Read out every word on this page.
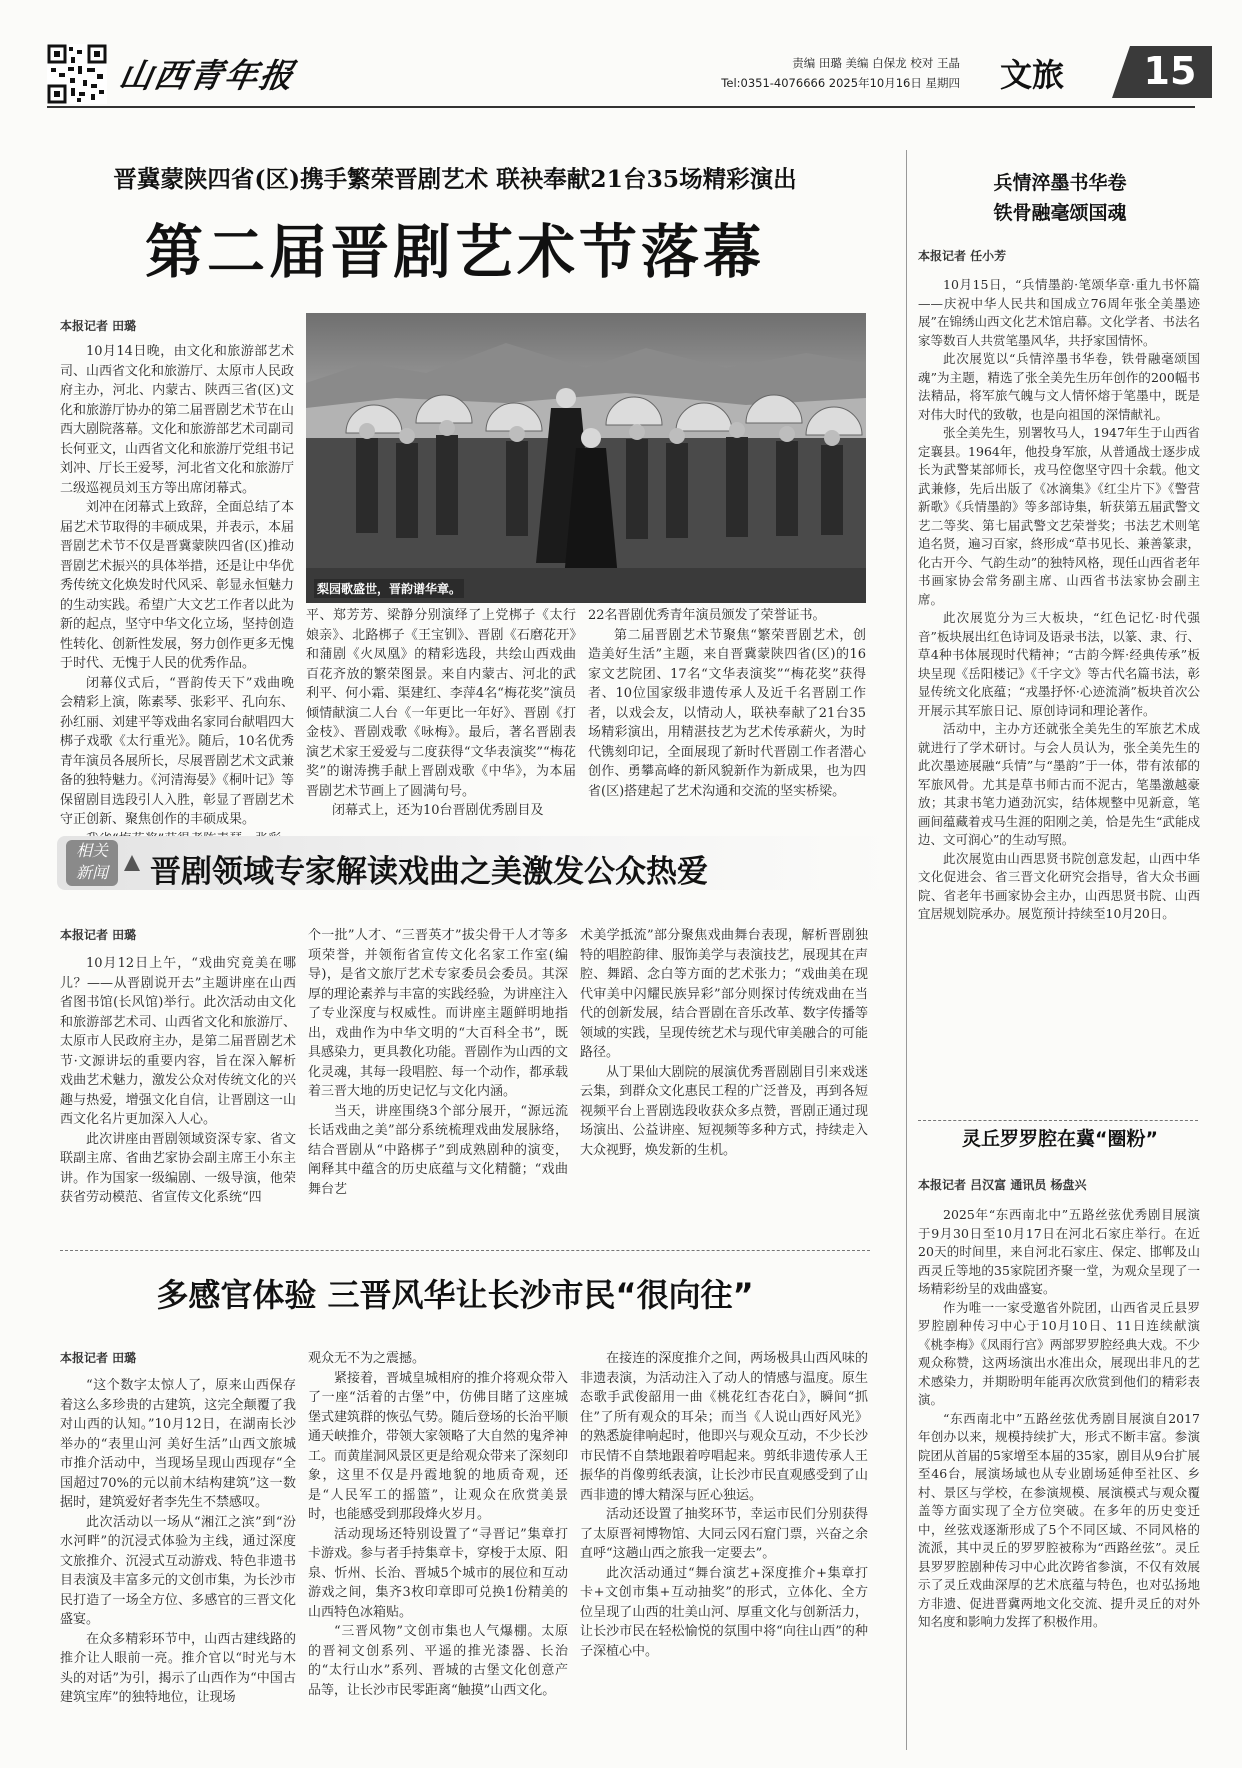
山西青年报	责编 田璐 美编 白保龙 校对 王晶
Tel:0351-4076666 2025年10月16日 星期四 文旅 15
晋冀蒙陕四省(区)携手繁荣晋剧艺术 联袂奉献21台35场精彩演出
第二届晋剧艺术节落幕
本报记者 田璐

10月14日晚，由文化和旅游部艺术司、山西省文化和旅游厅、太原市人民政府主办，河北、内蒙古、陕西三省(区)文化和旅游厅协办的第二届晋剧艺术节在山西大剧院落幕。文化和旅游部艺术司副司长何亚文，山西省文化和旅游厅党组书记刘冲、厅长王爱琴，河北省文化和旅游厅二级巡视员刘玉方等出席闭幕式。

刘冲在闭幕式上致辞，全面总结了本届艺术节取得的丰硕成果，并表示，本届晋剧艺术节不仅是晋冀蒙陕四省(区)推动晋剧艺术振兴的具体举措，还是让中华优秀传统文化焕发时代风采、彰显永恒魅力的生动实践。希望广大文艺工作者以此为新的起点，坚守中华文化立场，坚持创造性转化、创新性发展，努力创作更多无愧于时代、无愧于人民的优秀作品。

闭幕仪式后，“晋韵传天下”戏曲晚会精彩上演，陈素琴、张彩平、孔向东、孙红丽、刘建平等戏曲名家同台献唱四大梆子戏歌《太行重光》。随后，10名优秀青年演员各展所长，尽展晋剧艺术文武兼备的独特魅力。《河清海晏》《桐叶记》等保留剧目选段引人入胜，彰显了晋剧艺术守正创新、聚焦创作的丰硕成果。

梨园歌盛世，晋韵谱华章。

平、郑芳芳、梁静分别演绎了上党梆子《太行娘亲》、北路梆子《王宝钏》、晋剧《石磨花开》和蒲剧《火凤凰》的精彩选段，共绘山西戏曲百花齐放的繁荣图景。来自内蒙古、河北的武利平、何小霜、渠建红、李萍4名“梅花奖”演员倾情献演二人台《一年更比一年好》、晋剧《打金枝》、晋剧戏歌《咏梅》。最后，著名晋剧表演艺术家王爱爱与二度获得“文华表演奖”“梅花奖”的谢涛携手献上晋剧戏歌《中华》，为本届晋剧艺术节画上了圆满句号。

闭幕式上，还为10台晋剧优秀剧目及

22名晋剧优秀青年演员颁发了荣誉证书。

第二届晋剧艺术节聚焦“繁荣晋剧艺术，创造美好生活”主题，来自晋冀蒙陕四省(区)的16家文艺院团、17名“文华表演奖”“梅花奖”获得者、10位国家级非遗传承人及近千名晋剧工作者，以戏会友，以情动人，联袂奉献了21台35场精彩演出，用精湛技艺为艺术传承薪火，为时代镌刻印记，全面展现了新时代晋剧工作者潜心创作、勇攀高峰的新风貌新作为新成果，也为四省(区)搭建起了艺术沟通和交流的坚实桥梁。

相关
新闻	晋剧领域专家解读戏曲之美激发公众热爱
本报记者 田璐

10月12日上午，“戏曲究竟美在哪儿？——从晋剧说开去”主题讲座在山西省图书馆(长风馆)举行。此次活动由文化和旅游部艺术司、山西省文化和旅游厅、太原市人民政府主办，是第二届晋剧艺术节·文源讲坛的重要内容，旨在深入解析戏曲艺术魅力，激发公众对传统文化的兴趣与热爱，增强文化自信，让晋剧这一山西文化名片更加深入人心。

此次讲座由晋剧领域资深专家、省文联副主席、省曲艺家协会副主席王小东主讲。作为国家一级编剧、一级导演，他荣获省劳动模范、省宣传文化系统“四

个一批”人才、“三晋英才”拔尖骨干人才等多项荣誉，并领衔省宣传文化名家工作室(编导)，是省文旅厅艺术专家委员会委员。其深厚的理论素养与丰富的实践经验，为讲座注入了专业深度与权威性。而讲座主题鲜明地指出，戏曲作为中华文明的“大百科全书”，既具感染力，更具教化功能。晋剧作为山西的文化灵魂，其每一段唱腔、每一个动作，都承载着三晋大地的历史记忆与文化内涵。

当天，讲座围绕3个部分展开，“源远流长话戏曲之美”部分系统梳理戏曲发展脉络，结合晋剧从“中路梆子”到成熟剧种的演变，阐释其中蕴含的历史底蕴与文化精髓；“戏曲舞台艺

术美学抵流”部分聚焦戏曲舞台表现，解析晋剧独特的唱腔韵律、服饰美学与表演技艺，展现其在声腔、舞蹈、念白等方面的艺术张力；“戏曲美在现代审美中闪耀民族异彩”部分则探讨传统戏曲在当代的创新发展，结合晋剧在音乐改革、数字传播等领域的实践，呈现传统艺术与现代审美融合的可能路径。

从丁果仙大剧院的展演优秀晋剧剧目引来戏迷云集，到群众文化惠民工程的广泛普及，再到各短视频平台上晋剧选段收获众多点赞，晋剧正通过现场演出、公益讲座、短视频等多种方式，持续走入大众视野，焕发新的生机。

多感官体验 三晋风华让长沙市民“很向往”
本报记者 田璐

“这个数字太惊人了，原来山西保存着这么多珍贵的古建筑，这完全颠覆了我对山西的认知。”10月12日，在湖南长沙举办的“表里山河 美好生活”山西文旅城市推介活动中，当现场呈现山西现存“全国超过70%的元以前木结构建筑”这一数据时，建筑爱好者李先生不禁感叹。

此次活动以一场从“湘江之滨”到“汾水河畔”的沉浸式体验为主线，通过深度文旅推介、沉浸式互动游戏、特色非遗书目表演及丰富多元的文创市集，为长沙市民打造了一场全方位、多感官的三晋文化盛宴。

在众多精彩环节中，山西古建线路的推介让人眼前一亮。推介官以“时光与木头的对话”为引，揭示了山西作为“中国古建筑宝库”的独特地位，让现场

观众无不为之震撼。

紧接着，晋城皇城相府的推介将观众带入了一座“活着的古堡”中，仿佛目睹了这座城堡式建筑群的恢弘气势。随后登场的长治平顺通天峡推介，带领大家领略了大自然的鬼斧神工。而黄崖洞风景区更是给观众带来了深刻印象，这里不仅是丹霞地貌的地质奇观，还是“人民军工的摇篮”，让观众在欣赏美景时，也能感受到那段烽火岁月。

活动现场还特别设置了“寻晋记”集章打卡游戏。参与者手持集章卡，穿梭于太原、阳泉、忻州、长治、晋城5个城市的展位和互动游戏之间，集齐3枚印章即可兑换1份精美的山西特色冰箱贴。

“三晋风物”文创市集也人气爆棚。太原的晋祠文创系列、平遥的推光漆器、长治的“太行山水”系列、晋城的古堡文化创意产品等，让长沙市民零距离“触摸”山西文化。

在接连的深度推介之间，两场极具山西风味的非遗表演，为活动注入了动人的情感与温度。原生态歌手武俊韶用一曲《桃花红杏花白》，瞬间“抓住”了所有观众的耳朵；而当《人说山西好风光》的熟悉旋律响起时，他即兴与观众互动，不少长沙市民情不自禁地跟着哼唱起来。剪纸非遗传承人王振华的肖像剪纸表演，让长沙市民直观感受到了山西非遗的博大精深与匠心独运。

活动还设置了抽奖环节，幸运市民们分别获得了太原晋祠博物馆、大同云冈石窟门票，兴奋之余直呼“这趟山西之旅我一定要去”。

此次活动通过“舞台演艺+深度推介+集章打卡+文创市集+互动抽奖”的形式，立体化、全方位呈现了山西的壮美山河、厚重文化与创新活力，让长沙市民在轻松愉悦的氛围中将“向往山西”的种子深植心中。

兵情淬墨书华卷
铁骨融毫颂国魂
本报记者 任小芳

10月15日，“兵情墨韵·笔颂华章·重九书怀篇——庆祝中华人民共和国成立76周年张全美墨迹展”在锦绣山西文化艺术馆启幕。文化学者、书法名家等数百人共赏笔墨风华，共抒家国情怀。

此次展览以“兵情淬墨书华卷，铁骨融毫颂国魂”为主题，精选了张全美先生历年创作的200幅书法精品，将军旅气魄与文人情怀熔于笔墨中，既是对伟大时代的致敬，也是向祖国的深情献礼。

张全美先生，别署牧马人，1947年生于山西省定襄县。1964年，他投身军旅，从普通战士逐步成长为武警某部师长，戎马倥偬坚守四十余载。他文武兼修，先后出版了《冰滴集》《红尘片下》《警营新歌》《兵情墨韵》等多部诗集，斩获第五届武警文艺二等奖、第七届武警文艺荣誉奖；书法艺术则笔追名贤，遍习百家，終形成“草书见长、兼善篆隶，化古开今、气韵生动”的独特风格，现任山西省老年书画家协会常务副主席、山西省书法家协会副主席。

此次展览分为三大板块，“红色记忆·时代强音”板块展出红色诗词及语录书法，以篆、隶、行、草4种书体展现时代精神；“古韵今辉·经典传承”板块呈现《岳阳楼记》《千字文》等古代名篇书法，彰显传统文化底蕴；“戎墨抒怀·心迹流淌”板块首次公开展示其军旅日记、原创诗词和理论著作。

活动中，主办方还就张全美先生的军旅艺术成就进行了学术研讨。与会人员认为，张全美先生的此次墨迹展融“兵情”与“墨韵”于一体，带有浓郁的军旅风骨。尤其是草书师古而不泥古，笔墨激越豪放；其隶书笔力遒劲沉实，结体规整中见新意，笔画间蕴藏着戎马生涯的阳刚之美，恰是先生“武能戍边、文可润心”的生动写照。

此次展览由山西思贤书院创意发起，山西中华文化促进会、省三晋文化研究会指导，省大众书画院、省老年书画家协会主办，山西思贤书院、山西宜居规划院承办。展览预计持续至10月20日。

灵丘罗罗腔在冀“圈粉”
本报记者 吕汉富 通讯员 杨盘兴

2025年“东西南北中”五路丝弦优秀剧目展演于9月30日至10月17日在河北石家庄举行。在近20天的时间里，来自河北石家庄、保定、邯郸及山西灵丘等地的35家院团齐聚一堂，为观众呈现了一场精彩纷呈的戏曲盛宴。

作为唯一一家受邀省外院团，山西省灵丘县罗罗腔剧种传习中心于10月10日、11日连续献演《桃李梅》《凤雨行宫》两部罗罗腔经典大戏。不少观众称赞，这两场演出水准出众，展现出非凡的艺术感染力，并期盼明年能再次欣赏到他们的精彩表演。

“东西南北中”五路丝弦优秀剧目展演自2017年创办以来，规模持续扩大，形式不断丰富。参演院团从首届的5家增至本届的35家，剧目从9台扩展至46台，展演场域也从专业剧场延伸至社区、乡村、景区与学校，在参演规模、展演模式与观众覆盖等方面实现了全方位突破。在多年的历史变迁中，丝弦戏逐渐形成了5个不同区域、不同风格的流派，其中灵丘的罗罗腔被称为“西路丝弦”。灵丘县罗罗腔剧种传习中心此次跨省参演，不仅有效展示了灵丘戏曲深厚的艺术底蕴与特色，也对弘扬地方非遗、促进晋冀两地文化交流、提升灵丘的对外知名度和影响力发挥了积极作用。
